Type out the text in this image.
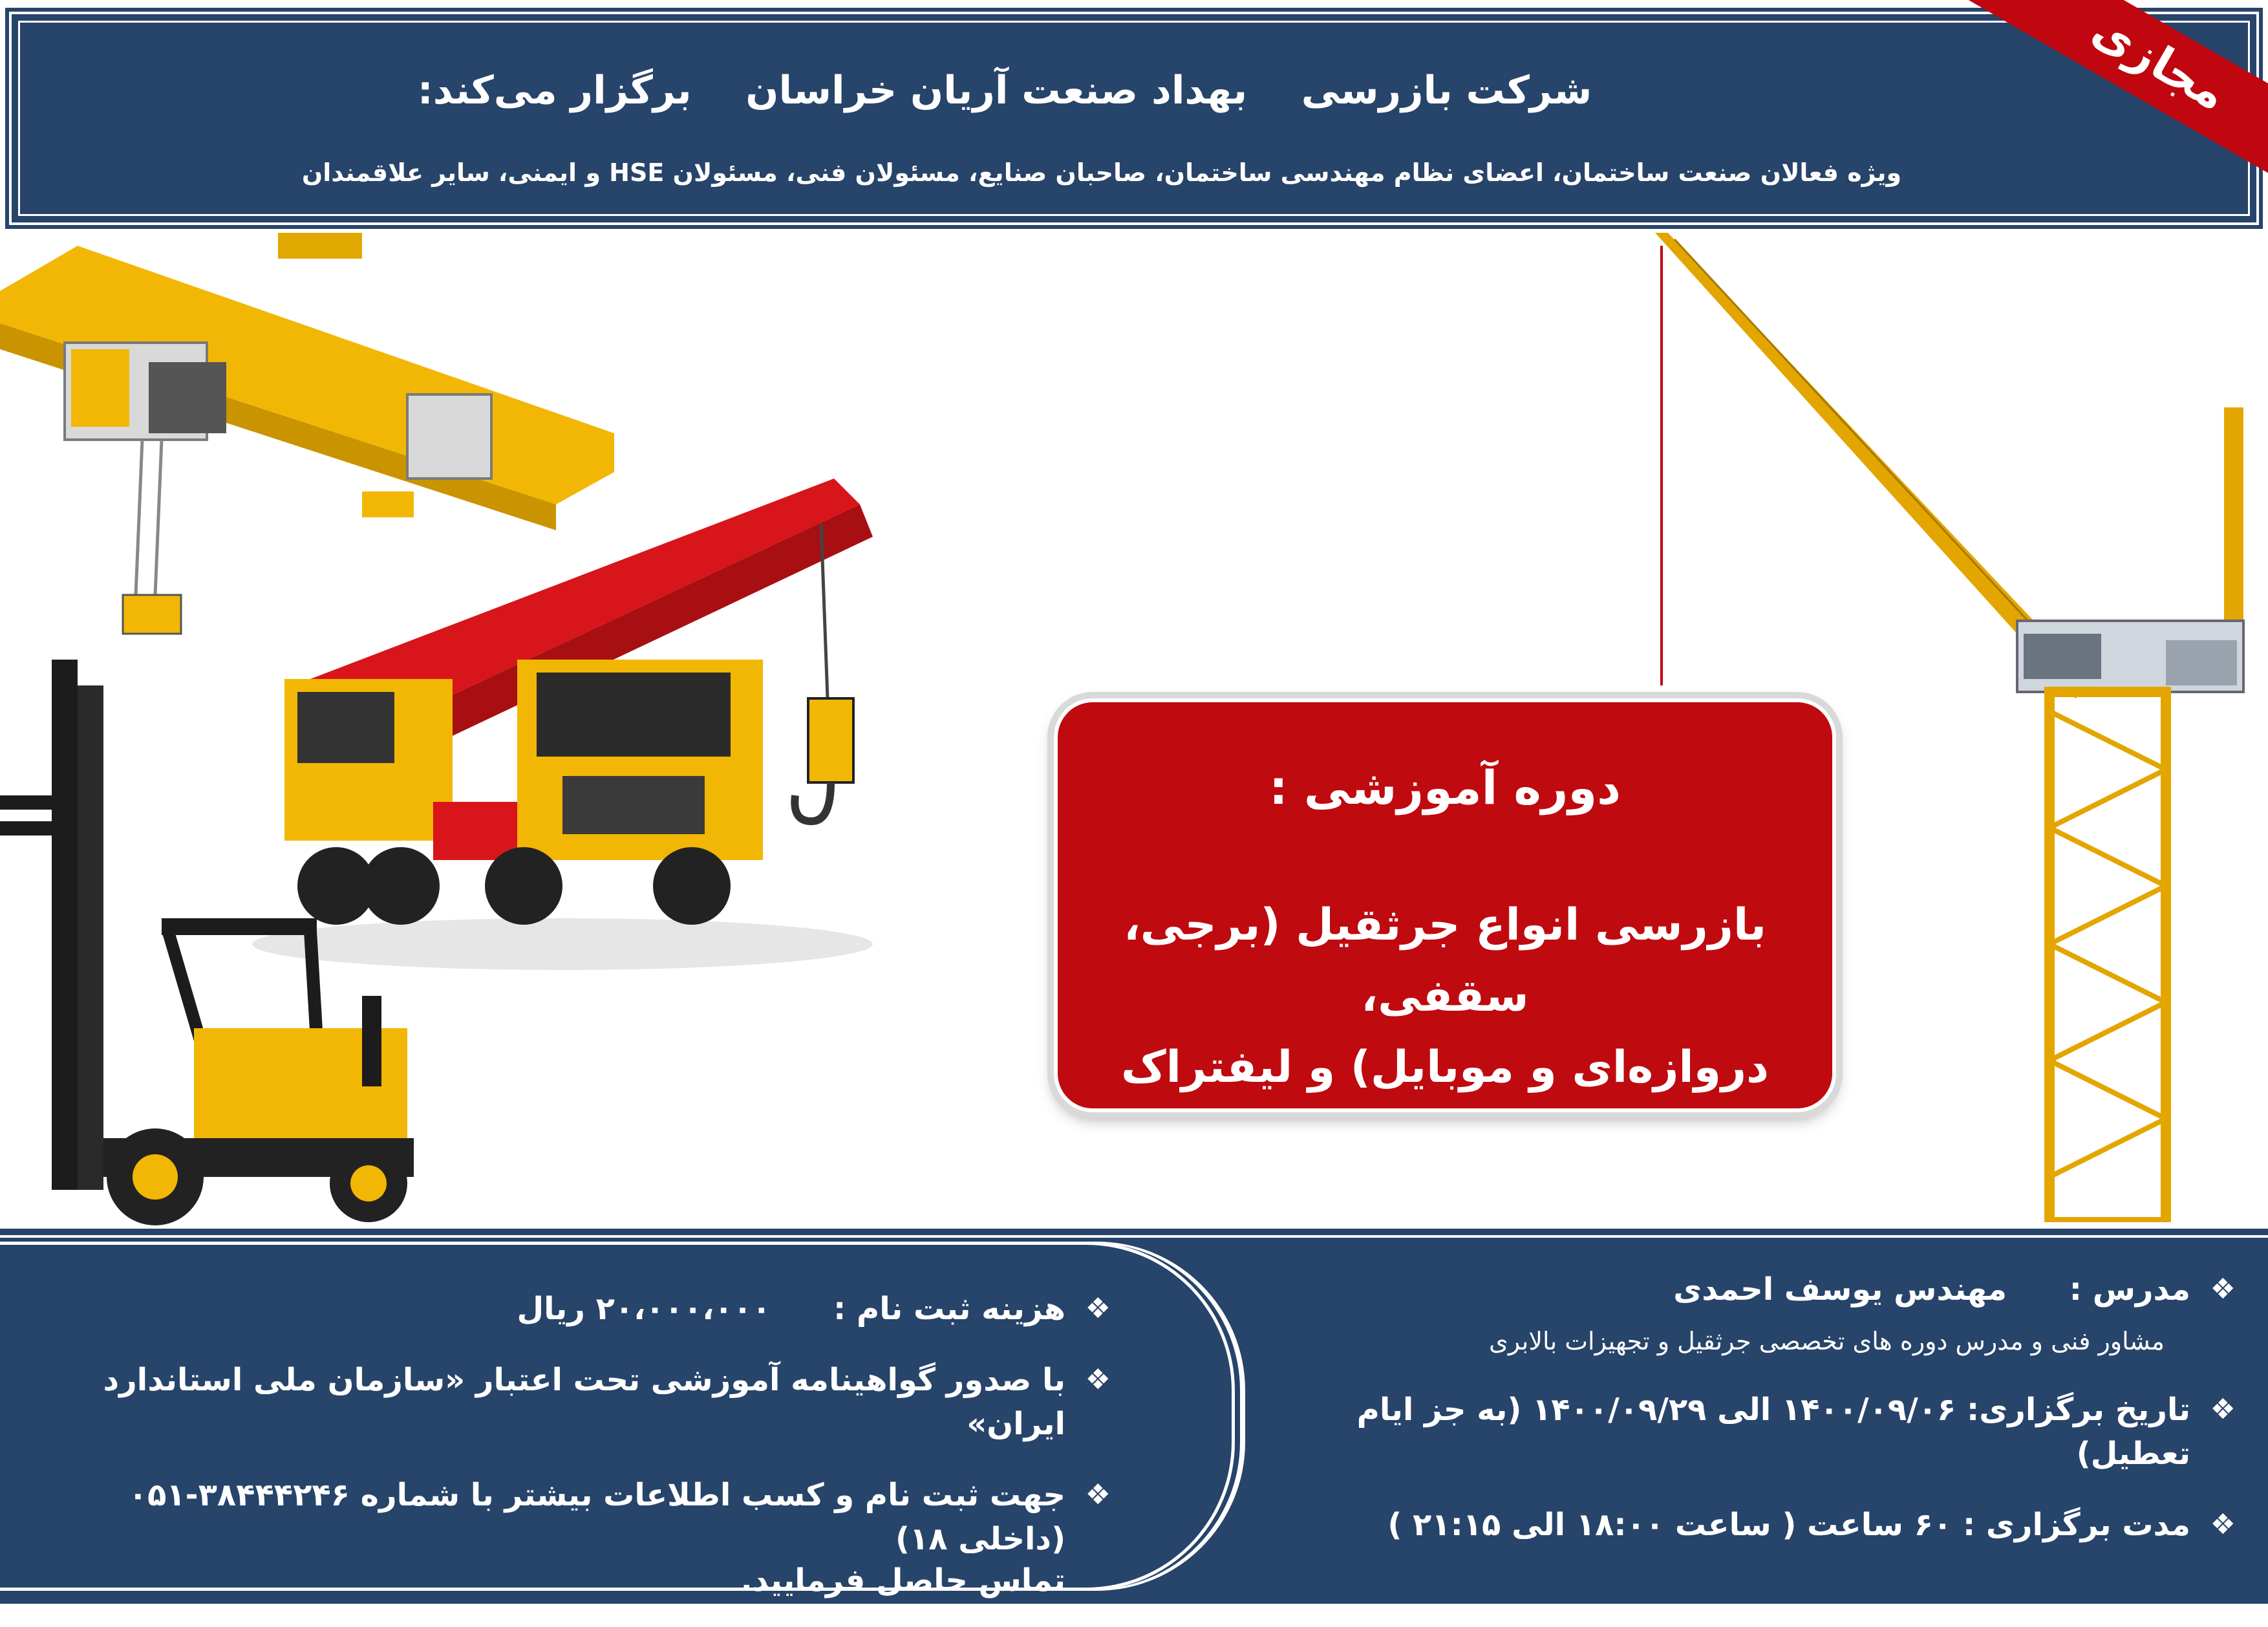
شرکت بازرسی    بهداد صنعت آریان خراسان    برگزار می‌کند:
ویژه فعالان صنعت ساختمان، اعضای نظام مهندسی ساختمان، صاحبان صنایع، مسئولان فنی، مسئولان HSE و ایمنی، سایر علاقمندان
مجازی
دوره آموزشی :
بازرسی انواع جرثقیل (برجی، سقفی،
دروازه‌ای و موبایل) و لیفتراک
❖
مدرس : مهندس یوسف احمدی
مشاور فنی و مدرس دوره های تخصصی جرثقیل و تجهیزات بالابری
❖
تاریخ برگزاری: ۱۴۰۰/۰۹/۰۶ الی ۱۴۰۰/۰۹/۲۹ (به جز ایام تعطیل)
❖
مدت برگزاری : ۶۰ ساعت ( ساعت ۱۸:۰۰ الی ۲۱:۱۵ )
❖
هزینه ثبت نام : ۲۰،۰۰۰،۰۰۰ ریال
❖
با صدور گواهینامه آموزشی تحت اعتبار «سازمان ملی استاندارد ایران»
❖
جهت ثبت نام و کسب اطلاعات بیشتر با شماره ۳۸۴۴۴۲۴۶-۰۵۱ (داخلی ۱۸)
تماس حاصل فرمایید.
